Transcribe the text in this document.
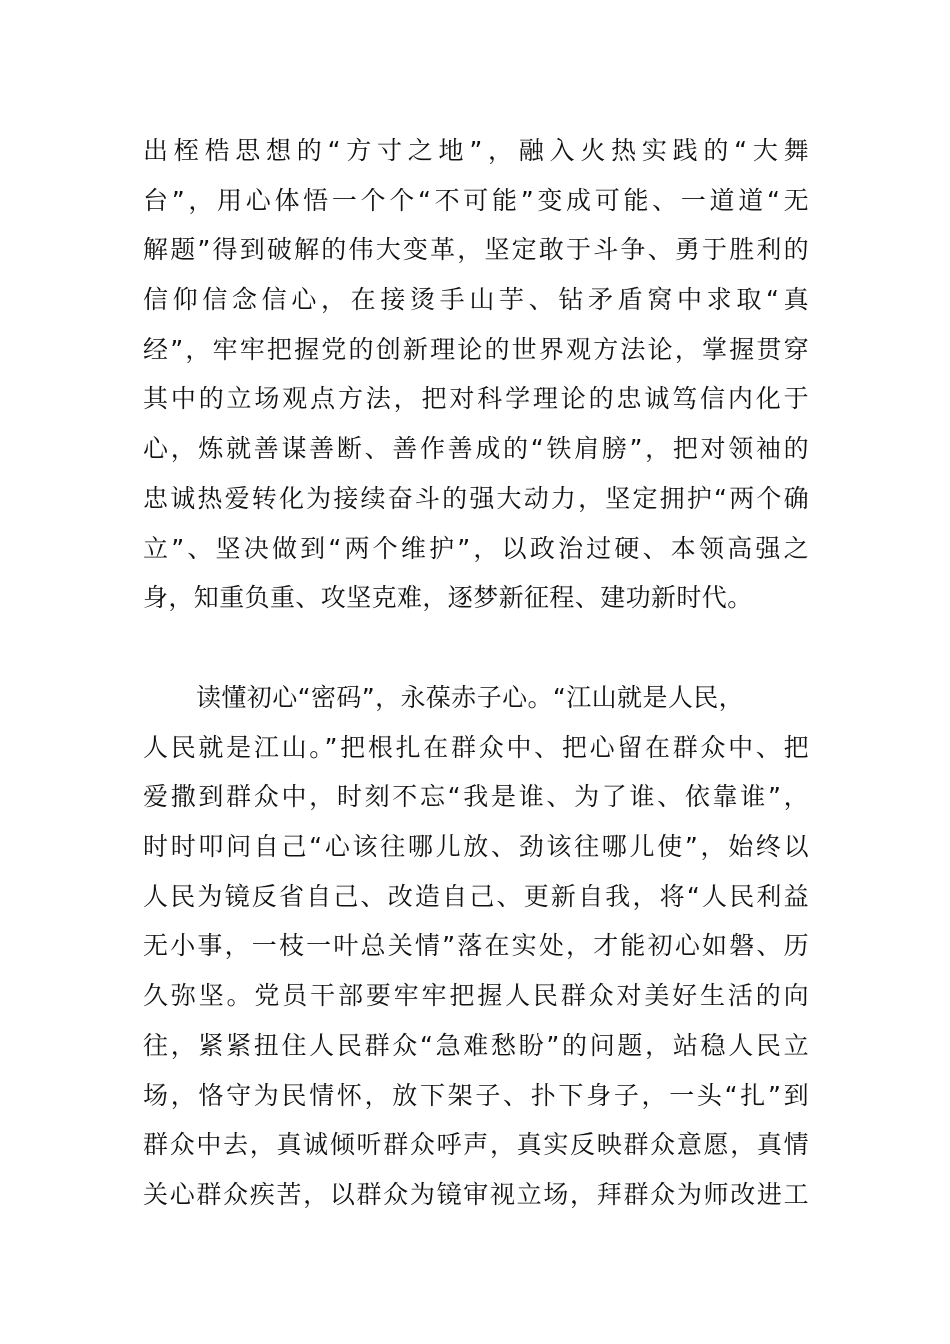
出桎梏思想的“方寸之地”，融入火热实践的“大舞
台”，用心体悟一个个“不可能”变成可能、一道道“无
解题”得到破解的伟大变革，坚定敢于斗争、勇于胜利的
信仰信念信心，在接烫手山芋、钻矛盾窝中求取“真
经”，牢牢把握党的创新理论的世界观方法论，掌握贯穿
其中的立场观点方法，把对科学理论的忠诚笃信内化于
心，炼就善谋善断、善作善成的“铁肩膀”，把对领袖的
忠诚热爱转化为接续奋斗的强大动力，坚定拥护“两个确
立”、坚决做到“两个维护”，以政治过硬、本领高强之
身，知重负重、攻坚克难，逐梦新征程、建功新时代。
读懂初心“密码”，永葆赤子心。“江山就是人民，
人民就是江山。”把根扎在群众中、把心留在群众中、把
爱撒到群众中，时刻不忘“我是谁、为了谁、依靠谁”，
时时叩问自己“心该往哪儿放、劲该往哪儿使”，始终以
人民为镜反省自己、改造自己、更新自我，将“人民利益
无小事，一枝一叶总关情”落在实处，才能初心如磐、历
久弥坚。党员干部要牢牢把握人民群众对美好生活的向
往，紧紧扭住人民群众“急难愁盼”的问题，站稳人民立
场，恪守为民情怀，放下架子、扑下身子，一头“扎”到
群众中去，真诚倾听群众呼声，真实反映群众意愿，真情
关心群众疾苦，以群众为镜审视立场，拜群众为师改进工
